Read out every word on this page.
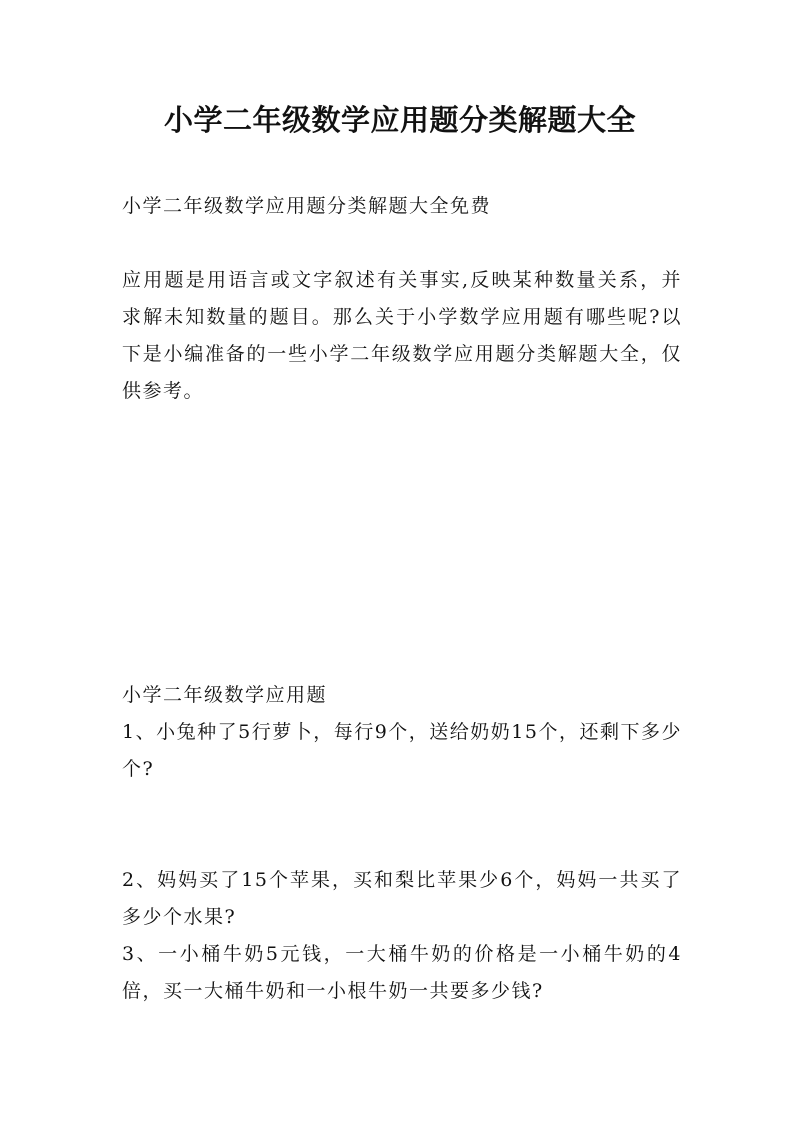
小学二年级数学应用题分类解题大全
小学二年级数学应用题分类解题大全免费
应用题是用语言或文字叙述有关事实,反映某种数量关系，并求解未知数量的题目。那么关于小学数学应用题有哪些呢?以下是小编准备的一些小学二年级数学应用题分类解题大全，仅供参考。
小学二年级数学应用题
1、小兔种了5行萝卜，每行9个，送给奶奶15个，还剩下多少个?
2、妈妈买了15个苹果，买和梨比苹果少6个，妈妈一共买了多少个水果?
3、一小桶牛奶5元钱，一大桶牛奶的价格是一小桶牛奶的4倍，买一大桶牛奶和一小根牛奶一共要多少钱?
